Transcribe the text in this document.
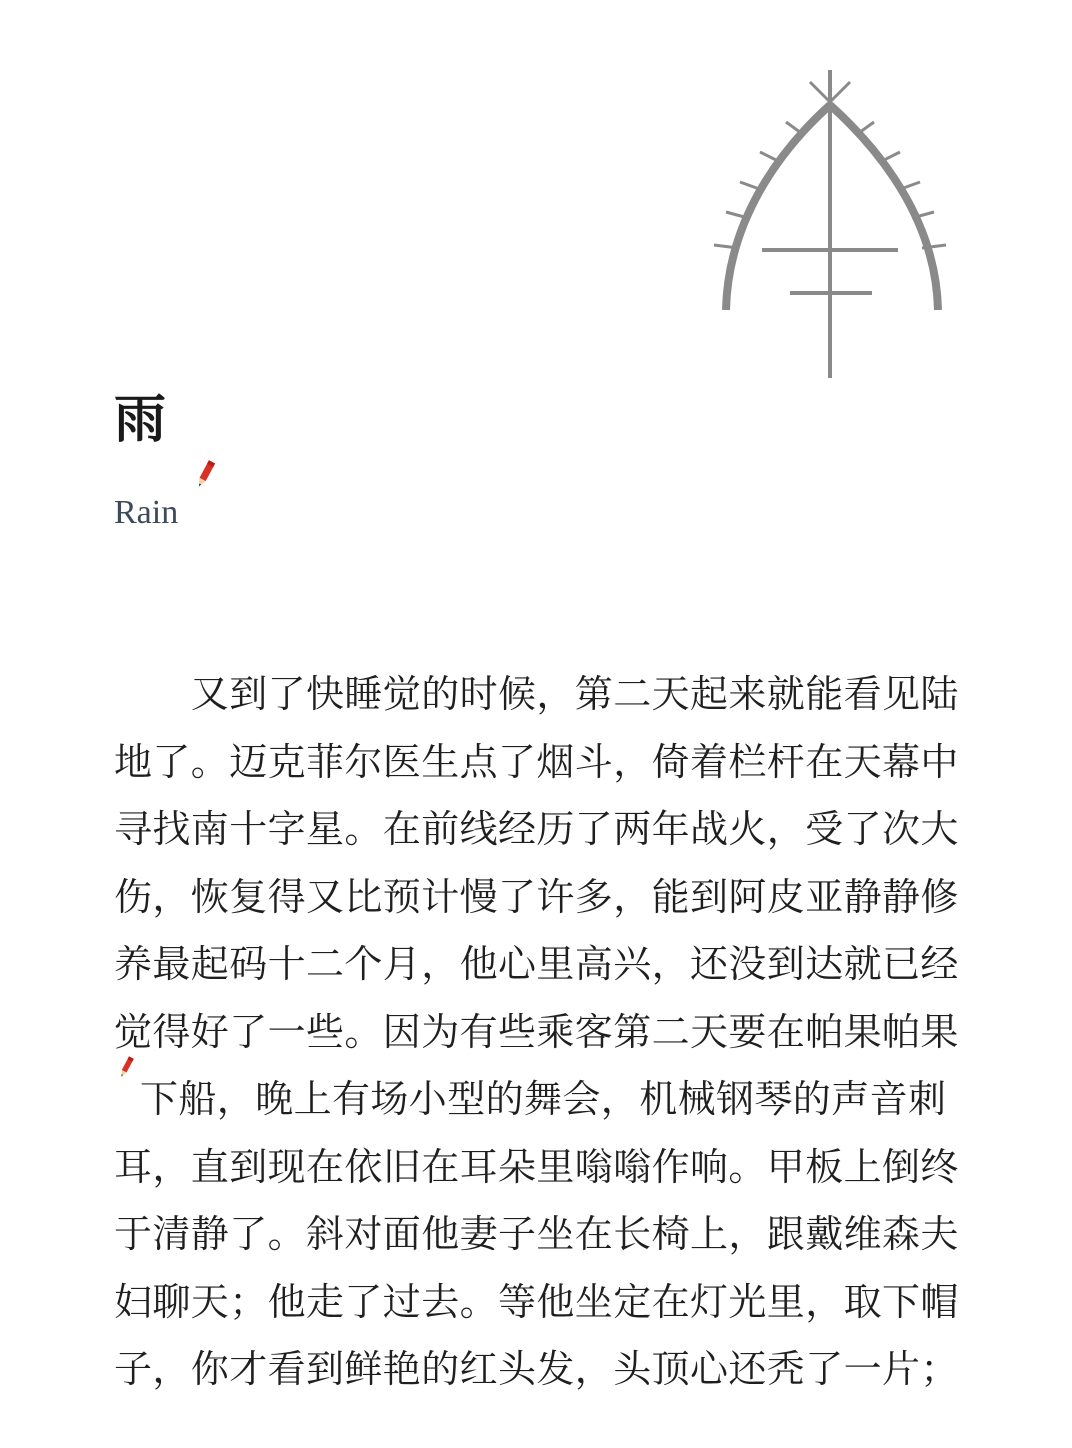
雨
Rain
　　又到了快睡觉的时候，第二天起来就能看见陆
地了。迈克菲尔医生点了烟斗，倚着栏杆在天幕中
寻找南十字星。在前线经历了两年战火，受了次大
伤，恢复得又比预计慢了许多，能到阿皮亚静静修
养最起码十二个月，他心里高兴，还没到达就已经
觉得好了一些。因为有些乘客第二天要在帕果帕果
下船，晚上有场小型的舞会，机械钢琴的声音刺
耳，直到现在依旧在耳朵里嗡嗡作响。甲板上倒终
于清静了。斜对面他妻子坐在长椅上，跟戴维森夫
妇聊天；他走了过去。等他坐定在灯光里，取下帽
子，你才看到鲜艳的红头发，头顶心还秃了一片；
